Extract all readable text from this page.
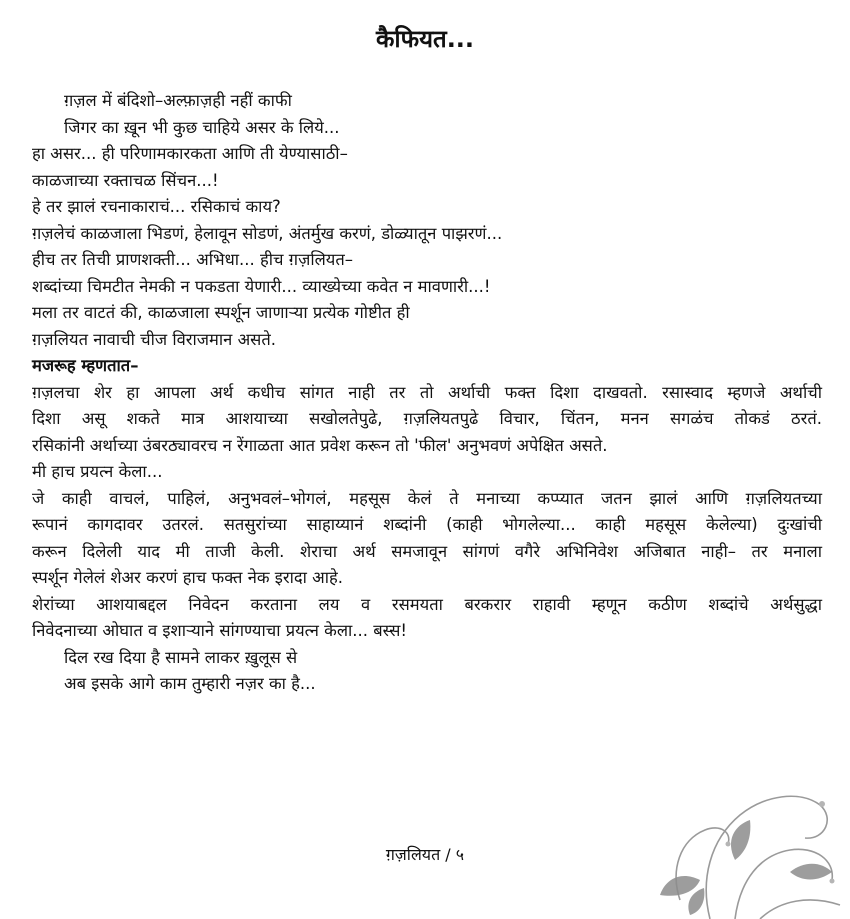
कैफियत...
ग़ज़ल में बंदिशो–अल्फ़ाज़ही नहीं काफी
जिगर का ख़ून भी कुछ चाहिये असर के लिये...
हा असर... ही परिणामकारकता आणि ती येण्यासाठी–
काळजाच्या रक्ताचळ सिंचन...!
हे तर झालं रचनाकाराचं... रसिकाचं काय?
ग़ज़लेचं काळजाला भिडणं, हेलावून सोडणं, अंतर्मुख करणं, डोळ्यातून पाझरणं...
हीच तर तिची प्राणशक्ती... अभिधा... हीच ग़ज़लियत–
शब्दांच्या चिमटीत नेमकी न पकडता येणारी... व्याख्येच्या कवेत न मावणारी...!
मला तर वाटतं की, काळजाला स्पर्शून जाणाऱ्या प्रत्येक गोष्टीत ही
ग़ज़लियत नावाची चीज विराजमान असते.
मजरूह म्हणतात–
ग़ज़लचा शेर हा आपला अर्थ कधीच सांगत नाही तर तो अर्थाची फक्त दिशा दाखवतो. रसास्वाद म्हणजे अर्थाची
दिशा असू शकते मात्र आशयाच्या सखोलतेपुढे, ग़ज़लियतपुढे विचार, चिंतन, मनन सगळंच तोकडं ठरतं.
रसिकांनी अर्थाच्या उंबरठ्यावरच न रेंगाळता आत प्रवेश करून तो 'फील' अनुभवणं अपेक्षित असते.
मी हाच प्रयत्न केला...
जे काही वाचलं, पाहिलं, अनुभवलं–भोगलं, महसूस केलं ते मनाच्या कप्प्यात जतन झालं आणि ग़ज़लियतच्या
रूपानं कागदावर उतरलं. सतसुरांच्या साहाय्यानं शब्दांनी (काही भोगलेल्या... काही महसूस केलेल्या) दुःखांची
करून दिलेली याद मी ताजी केली. शेराचा अर्थ समजावून सांगणं वगैरे अभिनिवेश अजिबात नाही– तर मनाला
स्पर्शून गेलेलं शेअर करणं हाच फक्त नेक इरादा आहे.
शेरांच्या आशयाबद्दल निवेदन करताना लय व रसमयता बरकरार राहावी म्हणून कठीण शब्दांचे अर्थसुद्धा
निवेदनाच्या ओघात व इशाऱ्याने सांगण्याचा प्रयत्न केला... बस्स!
दिल रख दिया है सामने लाकर ख़ुलूस से
अब इसके आगे काम तुम्हारी नज़र का है...
ग़ज़लियत / ५
